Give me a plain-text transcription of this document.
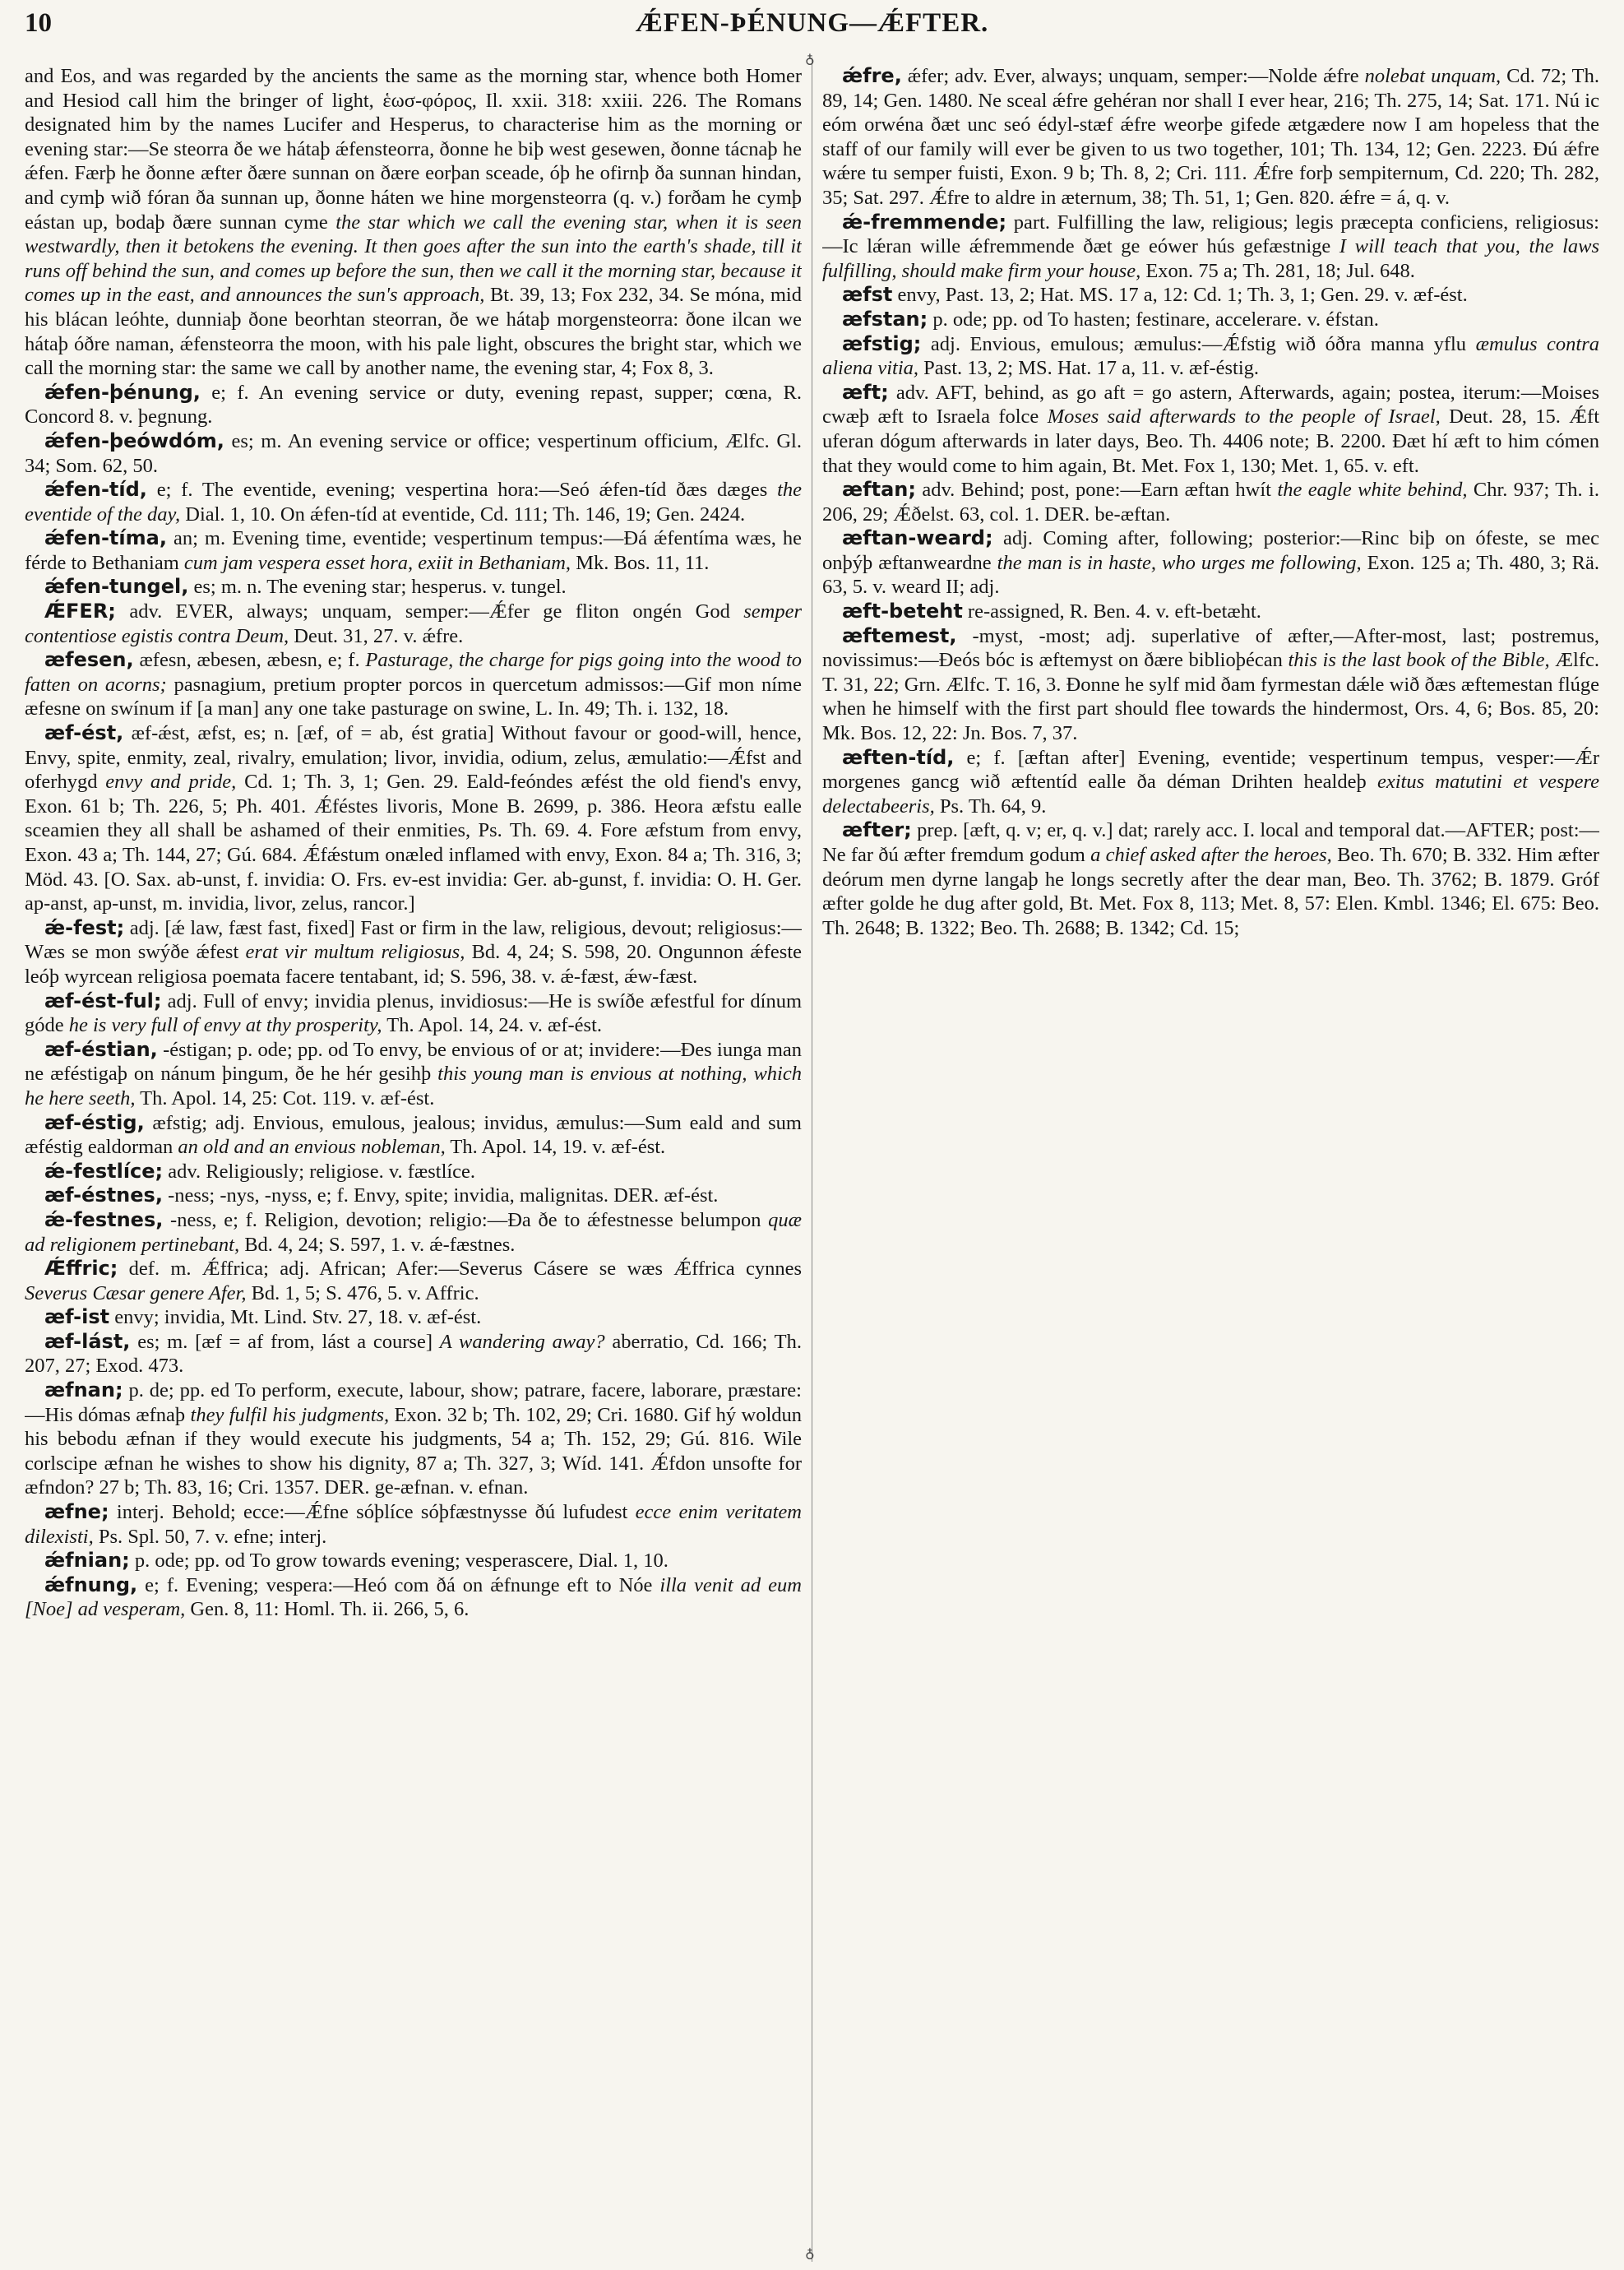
10	ǼFEN-ÞÉNUNG—ǼFTER.
♁
♁

and Eos, and was regarded by the ancients the same as the morning star, whence both Homer and Hesiod call him the bringer of light, ἑωσ-φόρος, Il. xxii. 318: xxiii. 226. The Romans designated him by the names Lucifer and Hesperus, to characterise him as the morning or evening star:—Se steorra ðe we hátaþ ǽfensteorra, ðonne he biþ west gesewen, ðonne tácnaþ he ǽfen. Færþ he ðonne æfter ðære sunnan on ðære eorþan sceade, óþ he ofirnþ ða sunnan hindan, and cymþ wið fóran ða sunnan up, ðonne háten we hine morgensteorra (q. v.) forðam he cymþ eástan up, bodaþ ðære sunnan cyme the star which we call the evening star, when it is seen westwardly, then it betokens the evening. It then goes after the sun into the earth's shade, till it runs off behind the sun, and comes up before the sun, then we call it the morning star, because it comes up in the east, and announces the sun's approach, Bt. 39, 13; Fox 232, 34. Se móna, mid his blácan leóhte, dunniaþ ðone beorhtan steorran, ðe we hátaþ morgensteorra: ðone ilcan we hátaþ óðre naman, ǽfensteorra the moon, with his pale light, obscures the bright star, which we call the morning star: the same we call by another name, the evening star, 4; Fox 8, 3.

ǽfen-þénung, e; f. An evening service or duty, evening repast, supper; cœna, R. Concord 8. v. þegnung.

ǽfen-þeówdóm, es; m. An evening service or office; vespertinum officium, Ælfc. Gl. 34; Som. 62, 50.

ǽfen-tíd, e; f. The eventide, evening; vespertina hora:—Seó ǽfen-tíd ðæs dæges the eventide of the day, Dial. 1, 10. On ǽfen-tíd at eventide, Cd. 111; Th. 146, 19; Gen. 2424.

ǽfen-tíma, an; m. Evening time, eventide; vespertinum tempus:—Ðá ǽfentíma wæs, he férde to Bethaniam cum jam vespera esset hora, exiit in Bethaniam, Mk. Bos. 11, 11.

ǽfen-tungel, es; m. n. The evening star; hesperus. v. tungel.

ǼFER; adv. EVER, always; unquam, semper:—Ǽfer ge fliton ongén God semper contentiose egistis contra Deum, Deut. 31, 27. v. ǽfre.

æfesen, æfesn, æbesen, æbesn, e; f. Pasturage, the charge for pigs going into the wood to fatten on acorns; pasnagium, pretium propter porcos in quercetum admissos:—Gif mon níme æfesne on swínum if [a man] any one take pasturage on swine, L. In. 49; Th. i. 132, 18.

æf-ést, æf-ǽst, æfst, es; n. [æf, of = ab, ést gratia] Without favour or good-will, hence, Envy, spite, enmity, zeal, rivalry, emulation; livor, invidia, odium, zelus, æmulatio:—Ǽfst and oferhygd envy and pride, Cd. 1; Th. 3, 1; Gen. 29. Eald-feóndes æfést the old fiend's envy, Exon. 61 b; Th. 226, 5; Ph. 401. Ǽféstes livoris, Mone B. 2699, p. 386. Heora æfstu ealle sceamien they all shall be ashamed of their enmities, Ps. Th. 69. 4. Fore æfstum from envy, Exon. 43 a; Th. 144, 27; Gú. 684. Ǽfǽstum onæled inflamed with envy, Exon. 84 a; Th. 316, 3; Möd. 43. [O. Sax. ab-unst, f. invidia: O. Frs. ev-est invidia: Ger. ab-gunst, f. invidia: O. H. Ger. ap-anst, ap-unst, m. invidia, livor, zelus, rancor.]

ǽ-fest; adj. [ǽ law, fæst fast, fixed] Fast or firm in the law, religious, devout; religiosus:—Wæs se mon swýðe ǽfest erat vir multum religiosus, Bd. 4, 24; S. 598, 20. Ongunnon ǽfeste leóþ wyrcean religiosa poemata facere tentabant, id; S. 596, 38. v. ǽ-fæst, ǽw-fæst.

æf-ést-ful; adj. Full of envy; invidia plenus, invidiosus:—He is swíðe æfestful for dínum góde he is very full of envy at thy prosperity, Th. Apol. 14, 24. v. æf-ést.

æf-éstian, -éstigan; p. ode; pp. od To envy, be envious of or at; invidere:—Ðes iunga man ne æféstigaþ on nánum þingum, ðe he hér gesihþ this young man is envious at nothing, which he here seeth, Th. Apol. 14, 25: Cot. 119. v. æf-ést.

æf-éstig, æfstig; adj. Envious, emulous, jealous; invidus, æmulus:—Sum eald and sum æféstig ealdorman an old and an envious nobleman, Th. Apol. 14, 19. v. æf-ést.

ǽ-festlíce; adv. Religiously; religiose. v. fæstlíce.

æf-éstnes, -ness; -nys, -nyss, e; f. Envy, spite; invidia, malignitas. DER. æf-ést.

ǽ-festnes, -ness, e; f. Religion, devotion; religio:—Ða ðe to ǽfestnesse belumpon quæ ad religionem pertinebant, Bd. 4, 24; S. 597, 1. v. ǽ-fæstnes.

Ǽffric; def. m. Ǽffrica; adj. African; Afer:—Severus Cásere se wæs Ǽffrica cynnes Severus Cæsar genere Afer, Bd. 1, 5; S. 476, 5. v. Affric.

æf-ist envy; invidia, Mt. Lind. Stv. 27, 18. v. æf-ést.

æf-lást, es; m. [æf = af from, lást a course] A wandering away? aberratio, Cd. 166; Th. 207, 27; Exod. 473.

æfnan; p. de; pp. ed To perform, execute, labour, show; patrare, facere, laborare, præstare:—His dómas æfnaþ they fulfil his judgments, Exon. 32 b; Th. 102, 29; Cri. 1680. Gif hý woldun his bebodu æfnan if they would execute his judgments, 54 a; Th. 152, 29; Gú. 816. Wile corlscipe æfnan he wishes to show his dignity, 87 a; Th. 327, 3; Wíd. 141. Ǽfdon unsofte for æfndon? 27 b; Th. 83, 16; Cri. 1357. DER. ge-æfnan. v. efnan.

æfne; interj. Behold; ecce:—Ǽfne sóþlíce sóþfæstnysse ðú lufudest ecce enim veritatem dilexisti, Ps. Spl. 50, 7. v. efne; interj.

ǽfnian; p. ode; pp. od To grow towards evening; vesperascere, Dial. 1, 10.

ǽfnung, e; f. Evening; vespera:—Heó com ðá on ǽfnunge eft to Nóe illa venit ad eum [Noe] ad vesperam, Gen. 8, 11: Homl. Th. ii. 266, 5, 6.

ǽfre, ǽfer; adv. Ever, always; unquam, semper:—Nolde ǽfre nolebat unquam, Cd. 72; Th. 89, 14; Gen. 1480. Ne sceal ǽfre gehéran nor shall I ever hear, 216; Th. 275, 14; Sat. 171. Nú ic eóm orwéna ðæt unc seó édyl-stæf ǽfre weorþe gifede ætgædere now I am hopeless that the staff of our family will ever be given to us two together, 101; Th. 134, 12; Gen. 2223. Ðú ǽfre wǽre tu semper fuisti, Exon. 9 b; Th. 8, 2; Cri. 111. Ǽfre forþ sempiternum, Cd. 220; Th. 282, 35; Sat. 297. Ǽfre to aldre in æternum, 38; Th. 51, 1; Gen. 820. ǽfre = á, q. v.

ǽ-fremmende; part. Fulfilling the law, religious; legis præcepta conficiens, religiosus:—Ic lǽran wille ǽfremmende ðæt ge eówer hús gefæstnige I will teach that you, the laws fulfilling, should make firm your house, Exon. 75 a; Th. 281, 18; Jul. 648.

æfst envy, Past. 13, 2; Hat. MS. 17 a, 12: Cd. 1; Th. 3, 1; Gen. 29. v. æf-ést.

æfstan; p. ode; pp. od To hasten; festinare, accelerare. v. éfstan.

æfstig; adj. Envious, emulous; æmulus:—Ǽfstig wið óðra manna yflu æmulus contra aliena vitia, Past. 13, 2; MS. Hat. 17 a, 11. v. æf-éstig.

æft; adv. AFT, behind, as go aft = go astern, Afterwards, again; postea, iterum:—Moises cwæþ æft to Israela folce Moses said afterwards to the people of Israel, Deut. 28, 15. Ǽft uferan dógum afterwards in later days, Beo. Th. 4406 note; B. 2200. Ðæt hí æft to him cómen that they would come to him again, Bt. Met. Fox 1, 130; Met. 1, 65. v. eft.

æftan; adv. Behind; post, pone:—Earn æftan hwít the eagle white behind, Chr. 937; Th. i. 206, 29; Ǽðelst. 63, col. 1. DER. be-æftan.

æftan-weard; adj. Coming after, following; posterior:—Rinc biþ on ófeste, se mec onþýþ æftanweardne the man is in haste, who urges me following, Exon. 125 a; Th. 480, 3; Rä. 63, 5. v. weard II; adj.

æft-beteht re-assigned, R. Ben. 4. v. eft-betæht.

æftemest, -myst, -most; adj. superlative of æfter,—After-most, last; postremus, novissimus:—Ðeós bóc is æftemyst on ðære biblioþécan this is the last book of the Bible, Ælfc. T. 31, 22; Grn. Ælfc. T. 16, 3. Ðonne he sylf mid ðam fyrmestan dǽle wið ðæs æftemestan flúge when he himself with the first part should flee towards the hindermost, Ors. 4, 6; Bos. 85, 20: Mk. Bos. 12, 22: Jn. Bos. 7, 37.

æften-tíd, e; f. [æftan after] Evening, eventide; vespertinum tempus, vesper:—Ǽr morgenes gancg wið æftentíd ealle ða déman Drihten healdeþ exitus matutini et vespere delectabeeris, Ps. Th. 64, 9.

æfter; prep. [æft, q. v; er, q. v.] dat; rarely acc. I. local and temporal dat.—AFTER; post:—Ne far ðú æfter fremdum godum a chief asked after the heroes, Beo. Th. 670; B. 332. Him æfter deórum men dyrne langaþ he longs secretly after the dear man, Beo. Th. 3762; B. 1879. Gróf æfter golde he dug after gold, Bt. Met. Fox 8, 113; Met. 8, 57: Elen. Kmbl. 1346; El. 675: Beo. Th. 2648; B. 1322; Beo. Th. 2688; B. 1342; Cd. 15;
